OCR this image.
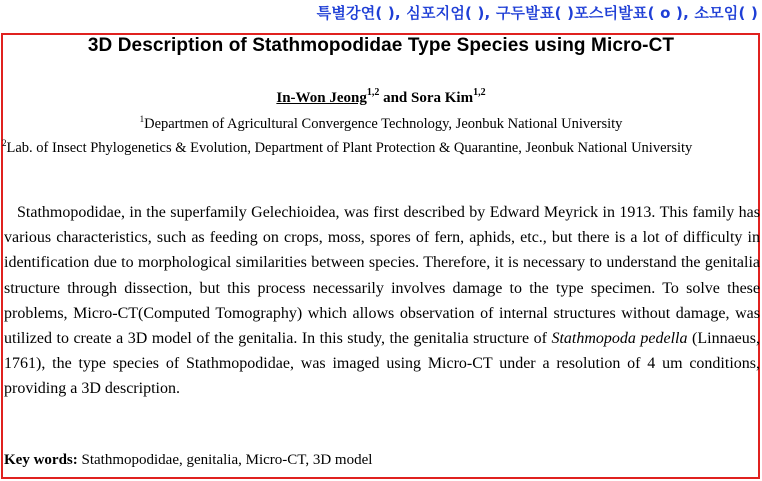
특별강연( ), 심포지엄( ), 구두발표( )포스터발표( o ), 소모임( )
3D Description of Stathmopodidae Type Species using Micro-CT
In-Won Jeong$^{1,2}$ and Sora Kim$^{1,2}$
$^1$Departmen of Agricultural Convergence Technology, Jeonbuk National University
$^2$Lab. of Insect Phylogenetics & Evolution, Department of Plant Protection & Quarantine, Jeonbuk National University
Stathmopodidae, in the superfamily Gelechioidea, was first described by Edward Meyrick in 1913. This family has various characteristics, such as feeding on crops, moss, spores of fern, aphids, etc., but there is a lot of difficulty in identification due to morphological similarities between species. Therefore, it is necessary to understand the genitalia structure through dissection, but this process necessarily involves damage to the type specimen. To solve these problems, Micro-CT(Computed Tomography) which allows observation of internal structures without damage, was utilized to create a 3D model of the genitalia. In this study, the genitalia structure of Stathmopoda pedella (Linnaeus, 1761), the type species of Stathmopodidae, was imaged using Micro-CT under a resolution of 4 um conditions, providing a 3D description.
Key words: Stathmopodidae, genitalia, Micro-CT, 3D model
